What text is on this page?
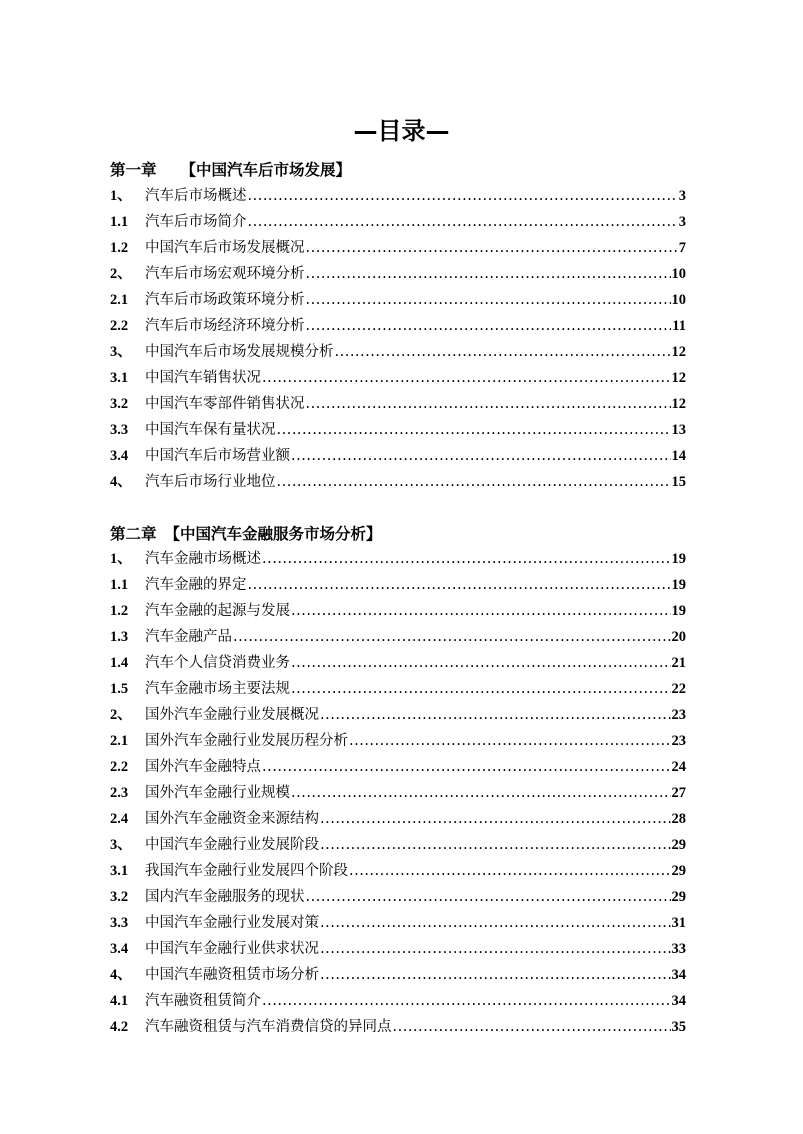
—目录—
第一章 【中国汽车后市场发展】
1、 汽车后市场概述 .....	3
1.1	汽车后市场简介 .....	3
1.2	中国汽车后市场发展概况 .....	7
2、 汽车后市场宏观环境分析 .....	10
2.1	汽车后市场政策环境分析 .....	10
2.2	汽车后市场经济环境分析 .....	11
3、 中国汽车后市场发展规模分析 .....	12
3.1	中国汽车销售状况 .....	12
3.2	中国汽车零部件销售状况 .....	12
3.3	中国汽车保有量状况 .....	13
3.4	中国汽车后市场营业额 .....	14
4、 汽车后市场行业地位 .....	15
第二章 【中国汽车金融服务市场分析】
1、 汽车金融市场概述 .....	19
1.1	汽车金融的界定 .....	19
1.2	汽车金融的起源与发展 .....	19
1.3	汽车金融产品 .....	20
1.4	汽车个人信贷消费业务 .....	21
1.5	汽车金融市场主要法规 .....	22
2、 国外汽车金融行业发展概况 .....	23
2.1	国外汽车金融行业发展历程分析 .....	23
2.2	国外汽车金融特点 .....	24
2.3	国外汽车金融行业规模 .....	27
2.4	国外汽车金融资金来源结构 .....	28
3、 中国汽车金融行业发展阶段 .....	29
3.1	我国汽车金融行业发展四个阶段 .....	29
3.2	国内汽车金融服务的现状 .....	29
3.3	中国汽车金融行业发展对策 .....	31
3.4	中国汽车金融行业供求状况 .....	33
4、 中国汽车融资租赁市场分析 .....	34
4.1	汽车融资租赁简介 .....	34
4.2	汽车融资租赁与汽车消费信贷的异同点 .....	35
